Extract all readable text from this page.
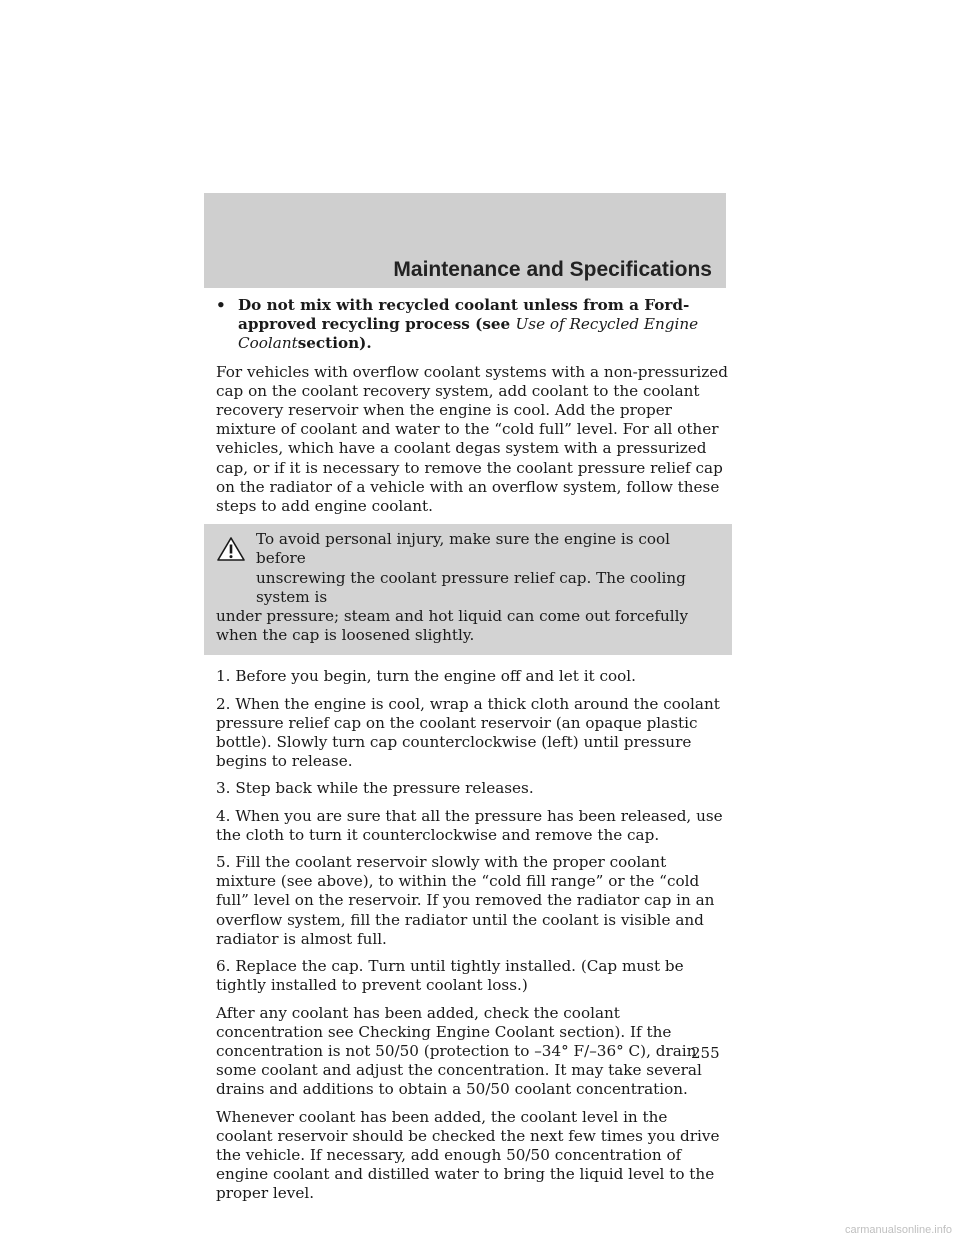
Maintenance and Specifications
• Do not mix with recycled coolant unless from a Ford-approved recycling process (see Use of Recycled Engine Coolantsection).

For vehicles with overflow coolant systems with a non-pressurized cap on the coolant recovery system, add coolant to the coolant recovery reservoir when the engine is cool. Add the proper mixture of coolant and water to the “cold full” level. For all other vehicles, which have a coolant degas system with a pressurized cap, or if it is necessary to remove the coolant pressure relief cap on the radiator of a vehicle with an overflow system, follow these steps to add engine coolant.

To avoid personal injury, make sure the engine is cool before
unscrewing the coolant pressure relief cap. The cooling system is
under pressure; steam and hot liquid can come out forcefully when the cap is loosened slightly.

1. Before you begin, turn the engine off and let it cool.

2. When the engine is cool, wrap a thick cloth around the coolant pressure relief cap on the coolant reservoir (an opaque plastic bottle). Slowly turn cap counterclockwise (left) until pressure begins to release.

3. Step back while the pressure releases.

4. When you are sure that all the pressure has been released, use the cloth to turn it counterclockwise and remove the cap.

5. Fill the coolant reservoir slowly with the proper coolant mixture (see above), to within the “cold fill range” or the “cold full” level on the reservoir. If you removed the radiator cap in an overflow system, fill the radiator until the coolant is visible and radiator is almost full.

6. Replace the cap. Turn until tightly installed. (Cap must be tightly installed to prevent coolant loss.)

After any coolant has been added, check the coolant concentration see Checking Engine Coolant section). If the concentration is not 50/50 (protection to –34° F/–36° C), drain some coolant and adjust the concentration. It may take several drains and additions to obtain a 50/50 coolant concentration.

Whenever coolant has been added, the coolant level in the coolant reservoir should be checked the next few times you drive the vehicle. If necessary, add enough 50/50 concentration of engine coolant and distilled water to bring the liquid level to the proper level.

255
carmanualsonline.info
